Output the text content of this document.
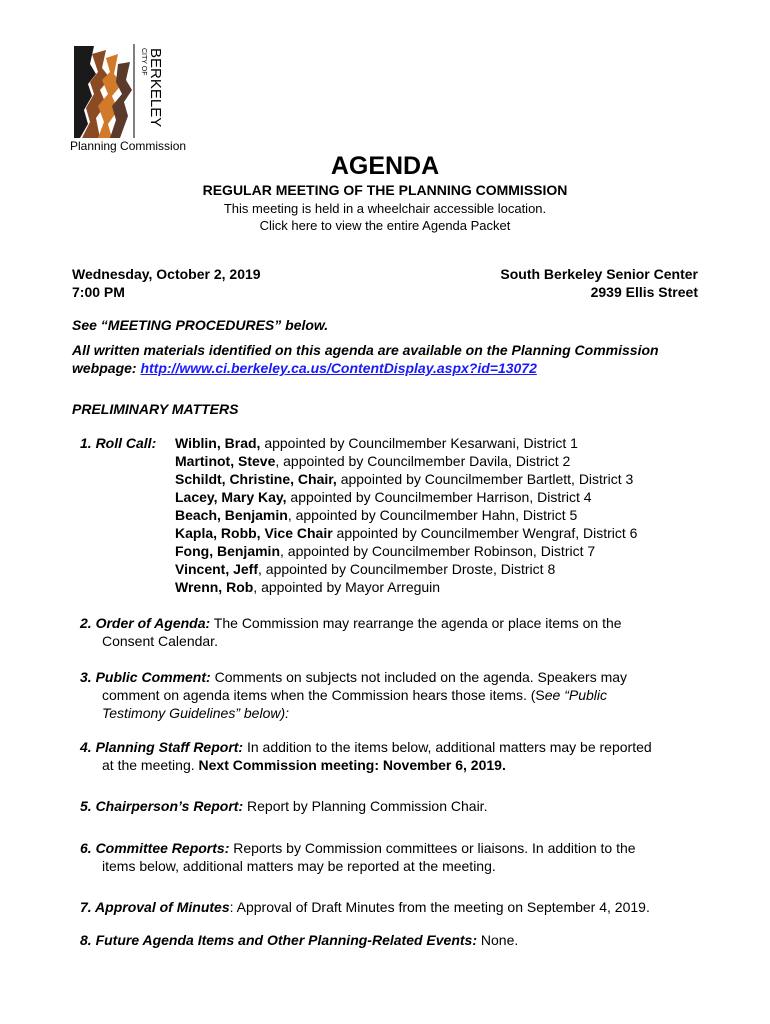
CITY OF BERKELEY
Planning Commission
AGENDA
REGULAR MEETING OF THE PLANNING COMMISSION
This meeting is held in a wheelchair accessible location.
Click here to view the entire Agenda Packet
Wednesday, October 2, 2019
7:00 PM
South Berkeley Senior Center
2939 Ellis Street
See “MEETING PROCEDURES” below.
All written materials identified on this agenda are available on the Planning Commission webpage: http://www.ci.berkeley.ca.us/ContentDisplay.aspx?id=13072
PRELIMINARY MATTERS
1. Roll Call: Wiblin, Brad, appointed by Councilmember Kesarwani, District 1
Martinot, Steve, appointed by Councilmember Davila, District 2
Schildt, Christine, Chair, appointed by Councilmember Bartlett, District 3
Lacey, Mary Kay, appointed by Councilmember Harrison, District 4
Beach, Benjamin, appointed by Councilmember Hahn, District 5
Kapla, Robb, Vice Chair appointed by Councilmember Wengraf, District 6
Fong, Benjamin, appointed by Councilmember Robinson, District 7
Vincent, Jeff, appointed by Councilmember Droste, District 8
Wrenn, Rob, appointed by Mayor Arreguin
2. Order of Agenda: The Commission may rearrange the agenda or place items on the
Consent Calendar.
3. Public Comment: Comments on subjects not included on the agenda. Speakers may
comment on agenda items when the Commission hears those items. (See “Public
Testimony Guidelines” below):
4. Planning Staff Report: In addition to the items below, additional matters may be reported
at the meeting. Next Commission meeting: November 6, 2019.
5. Chairperson’s Report: Report by Planning Commission Chair.
6. Committee Reports: Reports by Commission committees or liaisons. In addition to the
items below, additional matters may be reported at the meeting.
7. Approval of Minutes: Approval of Draft Minutes from the meeting on September 4, 2019.
8. Future Agenda Items and Other Planning-Related Events: None.
